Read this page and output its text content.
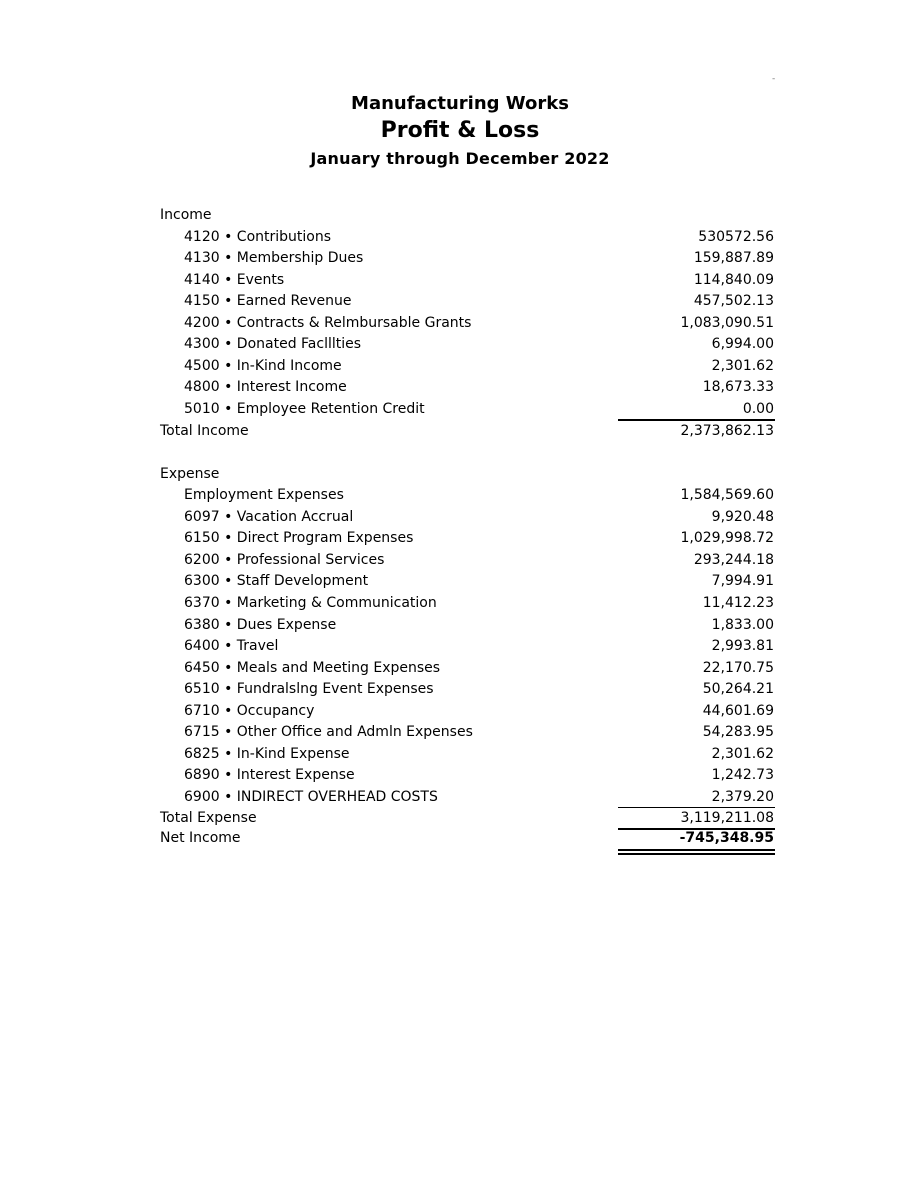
-
Manufacturing Works
Profit & Loss
January through December 2022
Income
4120 • Contributions	530572.56
4130 • Membership Dues	159,887.89
4140 • Events	114,840.09
4150 • Earned Revenue	457,502.13
4200 • Contracts & Relmbursable Grants	1,083,090.51
4300 • Donated Faclllties	6,994.00
4500 • In-Kind Income	2,301.62
4800 • Interest Income	18,673.33
5010 • Employee Retention Credit	0.00
Total Income	2,373,862.13
Expense
Employment Expenses	1,584,569.60
6097 • Vacation Accrual	9,920.48
6150 • Direct Program Expenses	1,029,998.72
6200 • Professional Services	293,244.18
6300 • Staff Development	7,994.91
6370 • Marketing & Communication	11,412.23
6380 • Dues Expense	1,833.00
6400 • Travel	2,993.81
6450 • Meals and Meeting Expenses	22,170.75
6510 • Fundralslng Event Expenses	50,264.21
6710 • Occupancy	44,601.69
6715 • Other Office and Admln Expenses	54,283.95
6825 • In-Kind Expense	2,301.62
6890 • Interest Expense	1,242.73
6900 • INDIRECT OVERHEAD COSTS	2,379.20
Total Expense	3,119,211.08
Net Income	-745,348.95
